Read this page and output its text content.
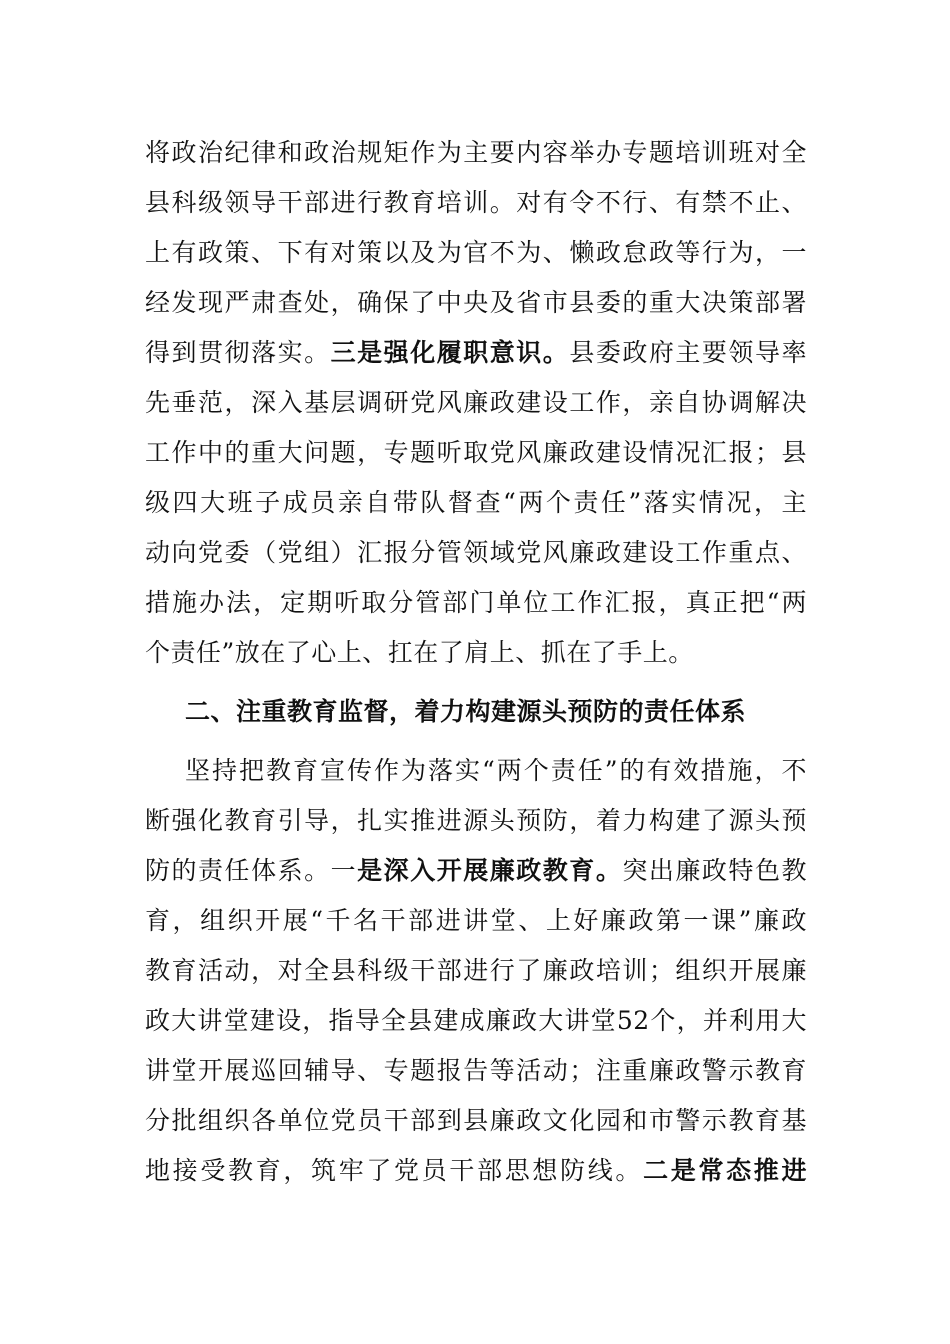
将政治纪律和政治规矩作为主要内容举办专题培训班对全
县科级领导干部进行教育培训。对有令不行、有禁不止、
上有政策、下有对策以及为官不为、懒政怠政等行为，一
经发现严肃查处，确保了中央及省市县委的重大决策部署
得到贯彻落实。三是强化履职意识。县委政府主要领导率
先垂范，深入基层调研党风廉政建设工作，亲自协调解决
工作中的重大问题，专题听取党风廉政建设情况汇报；县
级四大班子成员亲自带队督查“两个责任”落实情况，主
动向党委（党组）汇报分管领域党风廉政建设工作重点、
措施办法，定期听取分管部门单位工作汇报，真正把“两
个责任”放在了心上、扛在了肩上、抓在了手上。
二、注重教育监督，着力构建源头预防的责任体系
坚持把教育宣传作为落实“两个责任”的有效措施，不
断强化教育引导，扎实推进源头预防，着力构建了源头预
防的责任体系。一是深入开展廉政教育。突出廉政特色教
育，组织开展“千名干部进讲堂、上好廉政第一课”廉政
教育活动，对全县科级干部进行了廉政培训；组织开展廉
政大讲堂建设，指导全县建成廉政大讲堂52个，并利用大
讲堂开展巡回辅导、专题报告等活动；注重廉政警示教育
分批组织各单位党员干部到县廉政文化园和市警示教育基
地接受教育，筑牢了党员干部思想防线。二是常态推进
